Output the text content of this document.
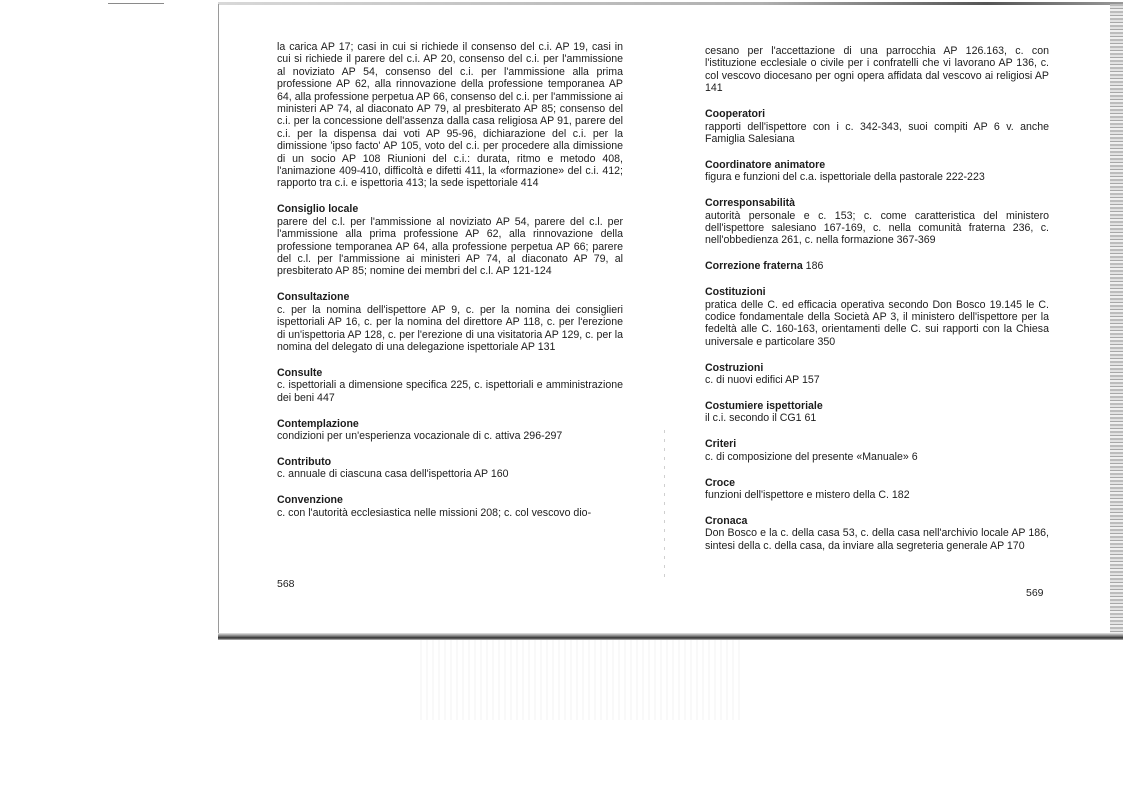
la carica AP 17; casi in cui si richiede il consenso del c.i. AP 19, casi in cui si richiede il parere del c.i. AP 20, consenso del c.i. per l'ammissione al noviziato AP 54, consenso del c.i. per l'ammissione alla prima professione AP 62, alla rinnovazione della professione temporanea AP 64, alla professione perpetua AP 66, consenso del c.i. per l'ammissione ai ministeri AP 74, al diaconato AP 79, al presbiterato AP 85; consenso del c.i. per la concessione dell'assenza dalla casa religiosa AP 91, parere del c.i. per la dispensa dai voti AP 95-96, dichiarazione del c.i. per la dimissione 'ipso facto' AP 105, voto del c.i. per procedere alla dimissione di un socio AP 108 Riunioni del c.i.: durata, ritmo e metodo 408, l'animazione 409-410, difficoltà e difetti 411, la «formazione» del c.i. 412; rapporto tra c.i. e ispettoria 413; la sede ispettoriale 414
Consiglio locale
parere del c.l. per l'ammissione al noviziato AP 54, parere del c.l. per l'ammissione alla prima professione AP 62, alla rinnovazione della professione temporanea AP 64, alla professione perpetua AP 66; parere del c.l. per l'ammissione ai ministeri AP 74, al diaconato AP 79, al presbiterato AP 85; nomine dei membri del c.l. AP 121-124
Consultazione
c. per la nomina dell'ispettore AP 9, c. per la nomina dei consiglieri ispettoriali AP 16, c. per la nomina del direttore AP 118, c. per l'erezione di un'ispettoria AP 128, c. per l'erezione di una visitatoria AP 129, c. per la nomina del delegato di una delegazione ispettoriale AP 131
Consulte
c. ispettoriali a dimensione specifica 225, c. ispettoriali e amministrazione dei beni 447
Contemplazione
condizioni per un'esperienza vocazionale di c. attiva 296-297
Contributo
c. annuale di ciascuna casa dell'ispettoria AP 160
Convenzione
c. con l'autorità ecclesiastica nelle missioni 208; c. col vescovo dio-
568
cesano per l'accettazione di una parrocchia AP 126.163, c. con l'istituzione ecclesiale o civile per i confratelli che vi lavorano AP 136, c. col vescovo diocesano per ogni opera affidata dal vescovo ai religiosi AP 141
Cooperatori
rapporti dell'ispettore con i c. 342-343, suoi compiti AP 6 v. anche Famiglia Salesiana
Coordinatore animatore
figura e funzioni del c.a. ispettoriale della pastorale 222-223
Corresponsabilità
autorità personale e c. 153; c. come caratteristica del ministero dell'ispettore salesiano 167-169, c. nella comunità fraterna 236, c. nell'obbedienza 261, c. nella formazione 367-369
Correzione fraterna 186
Costituzioni
pratica delle C. ed efficacia operativa secondo Don Bosco 19.145 le C. codice fondamentale della Società AP 3, il ministero dell'ispettore per la fedeltà alle C. 160-163, orientamenti delle C. sui rapporti con la Chiesa universale e particolare 350
Costruzioni
c. di nuovi edifici AP 157
Costumiere ispettoriale
il c.i. secondo il CG1 61
Criteri
c. di composizione del presente «Manuale» 6
Croce
funzioni dell'ispettore e mistero della C. 182
Cronaca
Don Bosco e la c. della casa 53, c. della casa nell'archivio locale AP 186, sintesi della c. della casa, da inviare alla segreteria generale AP 170
569
